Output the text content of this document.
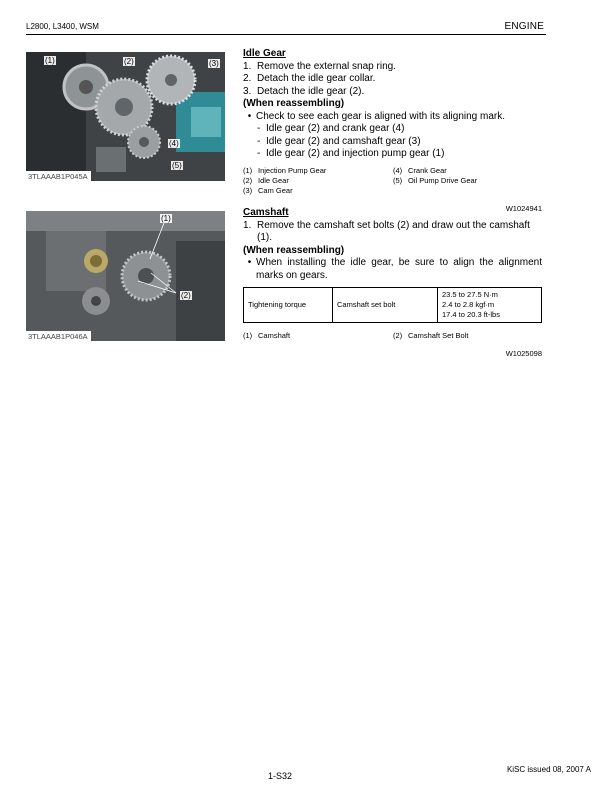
L2800, L3400, WSM	ENGINE
(1)	(2)	(3)
(4)
(5)
3TLAAAB1P045A
(1)
(2)
3TLAAAB1P046A
Idle Gear
1. Remove the external snap ring.
2. Detach the idle gear collar.
3. Detach the idle gear (2).
(When reassembling)
• Check to see each gear is aligned with its aligning mark.
- Idle gear (2) and crank gear (4)
- Idle gear (2) and camshaft gear (3)
- Idle gear (2) and injection pump gear (1)
(1) Injection Pump Gear	(4) Crank Gear
(2) Idle Gear	(5) Oil Pump Drive Gear
(3) Cam Gear
W1024941
Camshaft
1. Remove the camshaft set bolts (2) and draw out the camshaft (1).
(When reassembling)
• When installing the idle gear, be sure to align the alignment marks on gears.
Tightening torque	Camshaft set bolt	
23.5 to 27.5 N·m
2.4 to 2.8 kgf·m
17.4 to 20.3 ft-lbs
(1) Camshaft	(2) Camshaft Set Bolt
W1025098
1-S32
KiSC issued 08, 2007 A
